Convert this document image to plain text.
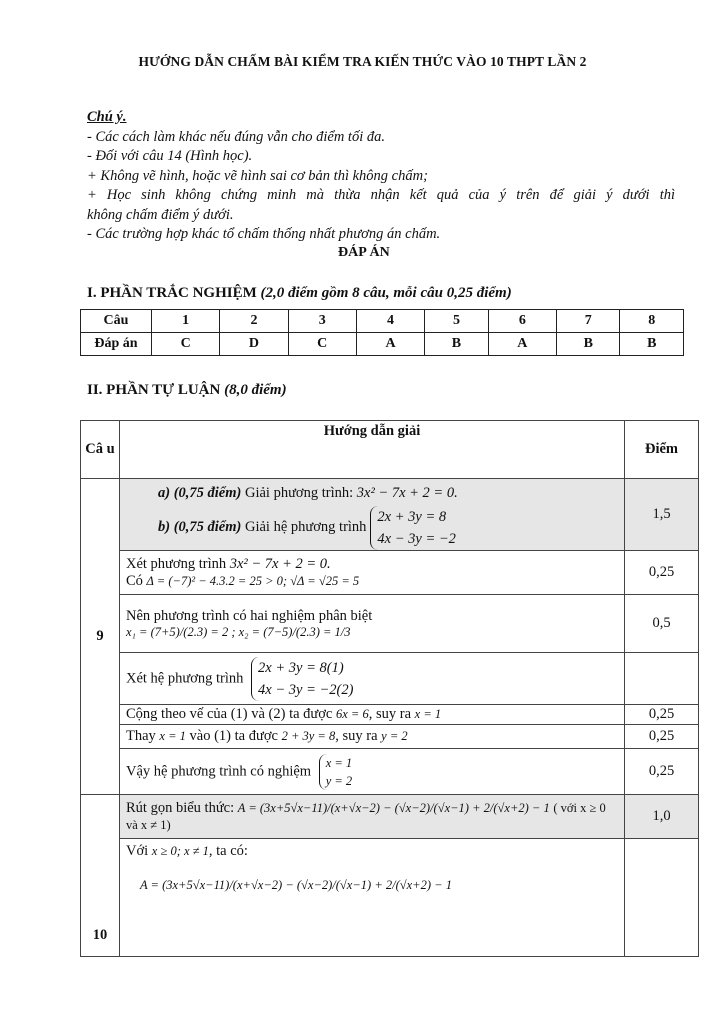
HƯỚNG DẪN CHẤM BÀI KIỂM TRA KIẾN THỨC VÀO 10 THPT LẦN 2
Chú ý.
- Các cách làm khác nếu đúng vẫn cho điểm tối đa.
- Đối với câu 14 (Hình học).
+ Không vẽ hình, hoặc vẽ hình sai cơ bản thì không chấm;
+ Học sinh không chứng minh mà thừa nhận kết quả của ý trên để giải ý dưới thì
không chấm điểm ý dưới.
- Các trường hợp khác tổ chấm thống nhất phương án chấm.
ĐÁP ÁN
I. PHẦN TRẮC NGHIỆM (2,0 điểm gồm 8 câu, mỗi câu 0,25 điểm)
Câu	1	2	3	4	5	6	7	8
Đáp án	C	D	C	A	B	A	B	B
II. PHẦN TỰ LUẬN (8,0 điểm)
Câ u	Hướng dẫn giải	Điểm
9	a) (0,75 điểm) Giải phương trình: 3x² − 7x + 2 = 0.
b) (0,75 điểm)
Giải hệ phương trình
2x + 3y = 8
4x − 3y = −2	1,5

	Xét phương trình 3x² − 7x + 2 = 0.
Có Δ = (−7)² − 4.3.2 = 25 > 0; √Δ = √25 = 5	0,25

	Nên phương trình có hai nghiệm phân biệt
x₁ = (7+5)/(2.3) = 2 ; x₂ = (7−5)/(2.3) = 1/3	0,5
	Xét hệ phương trình
2x + 3y = 8(1)
4x − 3y = −2(2)	

	Cộng theo vế của (1) và (2) ta được 6x = 6, suy ra x = 1	0,25
	Thay x = 1 vào (1) ta được 2 + 3y = 8, suy ra y = 2	0,25
	Vậy hệ phương trình có nghiệm
x = 1
y = 2	0,25
10	Rút gọn biểu thức: A = (3x+5√x−11)/(x+√x−2) − (√x−2)/(√x−1) + 2/(√x+2) − 1 ( với x ≥ 0 và x ≠ 1)	1,0

	Với x ≥ 0; x ≠ 1, ta có:
A = (3x+5√x−11)/(x+√x−2) − (√x−2)/(√x−1) + 2/(√x+2) − 1	
